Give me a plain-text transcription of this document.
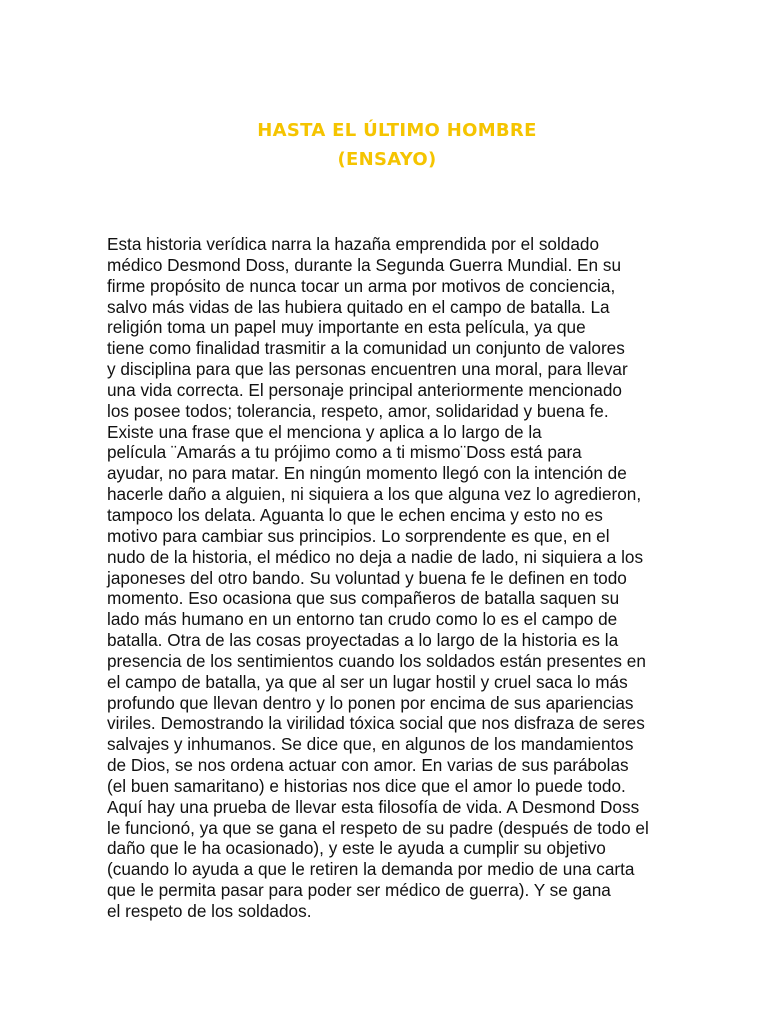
HASTA EL ÚLTIMO HOMBRE
(ENSAYO)
Esta historia verídica narra la hazaña emprendida por el soldado
médico Desmond Doss, durante la Segunda Guerra Mundial. En su
firme propósito de nunca tocar un arma por motivos de conciencia,
salvo más vidas de las hubiera quitado en el campo de batalla. La
religión toma un papel muy importante en esta película, ya que
tiene como finalidad trasmitir a la comunidad un conjunto de valores
y disciplina para que las personas encuentren una moral, para llevar
una vida correcta. El personaje principal anteriormente mencionado
los posee todos; tolerancia, respeto, amor, solidaridad y buena fe.
Existe una frase que el menciona y aplica a lo largo de la
película ¨Amarás a tu prójimo como a ti mismo¨Doss está para
ayudar, no para matar. En ningún momento llegó con la intención de
hacerle daño a alguien, ni siquiera a los que alguna vez lo agredieron,
tampoco los delata. Aguanta lo que le echen encima y esto no es
motivo para cambiar sus principios. Lo sorprendente es que, en el
nudo de la historia, el médico no deja a nadie de lado, ni siquiera a los
japoneses del otro bando. Su voluntad y buena fe le definen en todo
momento. Eso ocasiona que sus compañeros de batalla saquen su
lado más humano en un entorno tan crudo como lo es el campo de
batalla. Otra de las cosas proyectadas a lo largo de la historia es la
presencia de los sentimientos cuando los soldados están presentes en
el campo de batalla, ya que al ser un lugar hostil y cruel saca lo más
profundo que llevan dentro y lo ponen por encima de sus apariencias
viriles. Demostrando la virilidad tóxica social que nos disfraza de seres
salvajes y inhumanos. Se dice que, en algunos de los mandamientos
de Dios, se nos ordena actuar con amor. En varias de sus parábolas
(el buen samaritano) e historias nos dice que el amor lo puede todo.
Aquí hay una prueba de llevar esta filosofía de vida. A Desmond Doss
le funcionó, ya que se gana el respeto de su padre (después de todo el
daño que le ha ocasionado), y este le ayuda a cumplir su objetivo
(cuando lo ayuda a que le retiren la demanda por medio de una carta
que le permita pasar para poder ser médico de guerra). Y se gana
el respeto de los soldados.
